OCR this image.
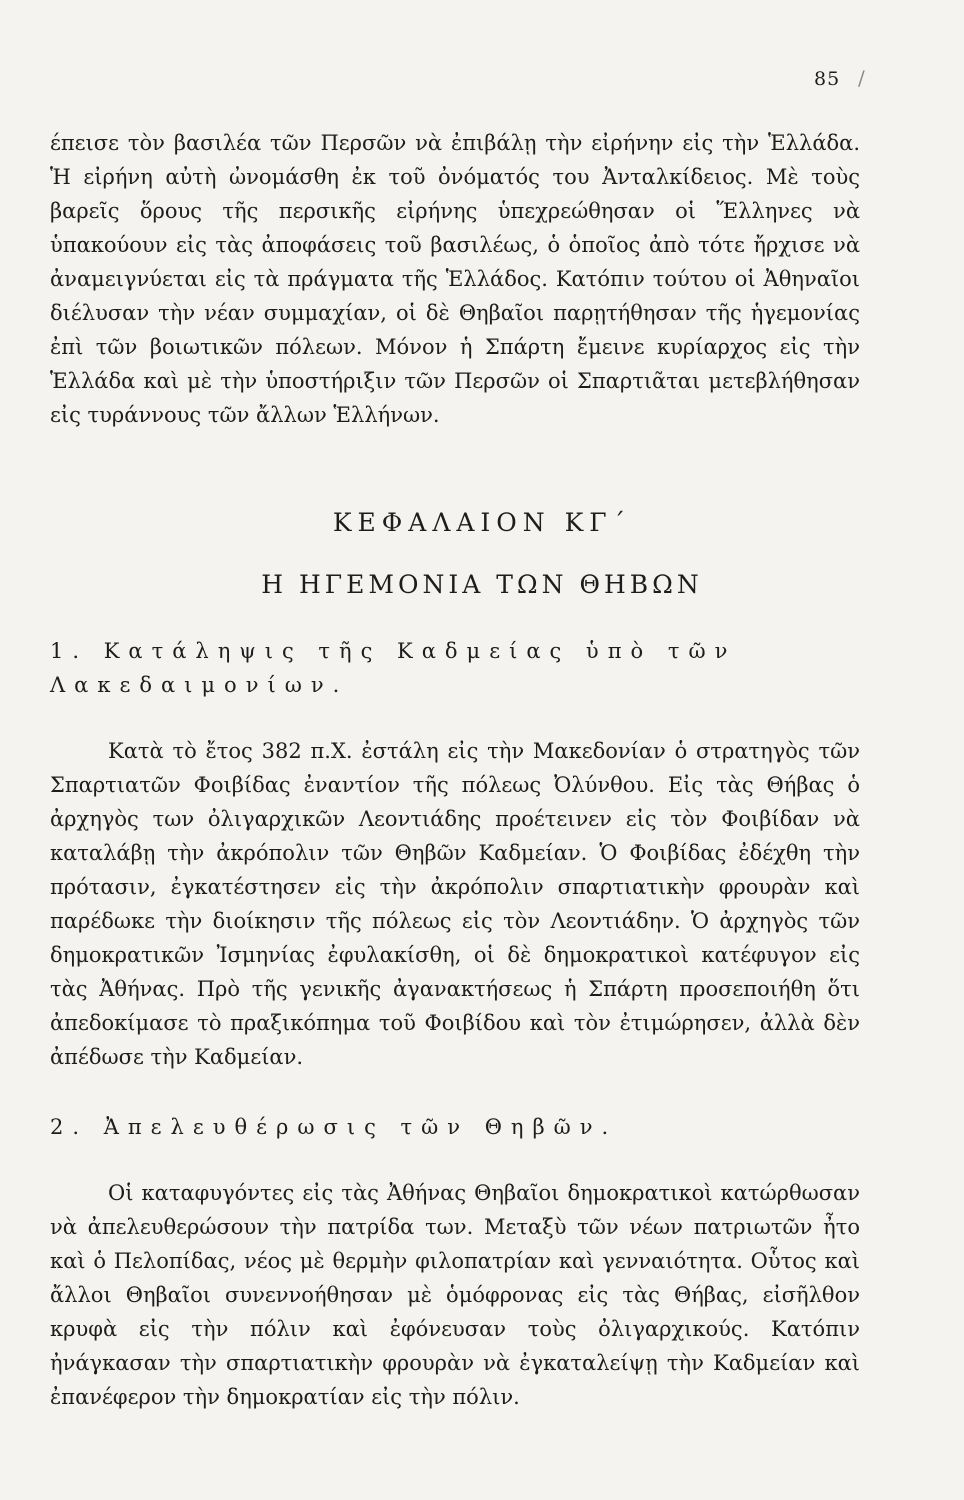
85 /

έπεισε τὸν βασιλέα τῶν Περσῶν νὰ ἐπιβάλῃ τὴν εἰρήνην εἰς τὴν Ἑλλάδα. Ἡ εἰρήνη αὐτὴ ὠνομάσθη ἐκ τοῦ ὀνόματός του Ἀνταλκίδειος. Μὲ τοὺς βαρεῖς ὅρους τῆς περσικῆς εἰρήνης ὑπεχρεώθησαν οἱ Ἕλληνες νὰ ὑπακούουν εἰς τὰς ἀποφάσεις τοῦ βασιλέως, ὁ ὁποῖος ἀπὸ τότε ἤρχισε νὰ ἀναμειγνύεται εἰς τὰ πράγματα τῆς Ἑλλάδος. Κατόπιν τούτου οἱ Ἀθηναῖοι διέλυσαν τὴν νέαν συμμαχίαν, οἱ δὲ Θηβαῖοι παρῃτήθησαν τῆς ἡγεμονίας ἐπὶ τῶν βοιωτικῶν πόλεων. Μόνον ἡ Σπάρτη ἔμεινε κυρίαρχος εἰς τὴν Ἑλλάδα καὶ μὲ τὴν ὑποστήριξιν τῶν Περσῶν οἱ Σπαρτιᾶται μετεβλήθησαν εἰς τυράννους τῶν ἄλλων Ἑλλήνων.

ΚΕΦΑΛΑΙΟΝ ΚΓ΄
Η ΗΓΕΜΟΝΙΑ ΤΩΝ ΘΗΒΩΝ
1. Κατάληψις τῆς Καδμείας ὑπὸ τῶν Λακεδαιμονίων.

Κατὰ τὸ ἔτος 382 π.Χ. ἐστάλη εἰς τὴν Μακεδονίαν ὁ στρατηγὸς τῶν Σπαρτιατῶν Φοιβίδας ἐναντίον τῆς πόλεως Ὀλύνθου. Εἰς τὰς Θήβας ὁ ἀρχηγὸς των ὀλιγαρχικῶν Λεοντιάδης προέτεινεν εἰς τὸν Φοιβίδαν νὰ καταλάβῃ τὴν ἀκρόπολιν τῶν Θηβῶν Καδμείαν. Ὁ Φοιβίδας ἐδέχθη τὴν πρότασιν, ἐγκατέστησεν εἰς τὴν ἀκρόπολιν σπαρτιατικὴν φρουρὰν καὶ παρέδωκε τὴν διοίκησιν τῆς πόλεως εἰς τὸν Λεοντιάδην. Ὁ ἀρχηγὸς τῶν δημοκρατικῶν Ἰσμηνίας ἐφυλακίσθη, οἱ δὲ δημοκρατικοὶ κατέφυγον εἰς τὰς Ἀθήνας. Πρὸ τῆς γενικῆς ἀγανακτήσεως ἡ Σπάρτη προσεποιήθη ὅτι ἀπεδοκίμασε τὸ πραξικόπημα τοῦ Φοιβίδου καὶ τὸν ἐτιμώρησεν, ἀλλὰ δὲν ἀπέδωσε τὴν Καδμείαν.

2. Ἀπελευθέρωσις τῶν Θηβῶν.

Οἱ καταφυγόντες εἰς τὰς Ἀθήνας Θηβαῖοι δημοκρατικοὶ κατώρθωσαν νὰ ἀπελευθερώσουν τὴν πατρίδα των. Μεταξὺ τῶν νέων πατριωτῶν ἦτο καὶ ὁ Πελοπίδας, νέος μὲ θερμὴν φιλοπατρίαν καὶ γενναιότητα. Οὗτος καὶ ἄλλοι Θηβαῖοι συνεννοήθησαν μὲ ὁμόφρονας εἰς τὰς Θήβας, εἰσῆλθον κρυφὰ εἰς τὴν πόλιν καὶ ἐφόνευσαν τοὺς ὀλιγαρχικούς. Κατόπιν ἠνάγκασαν τὴν σπαρτιατικὴν φρουρὰν νὰ ἐγκαταλείψῃ τὴν Καδμείαν καὶ ἐπανέφερον τὴν δημοκρατίαν εἰς τὴν πόλιν.
